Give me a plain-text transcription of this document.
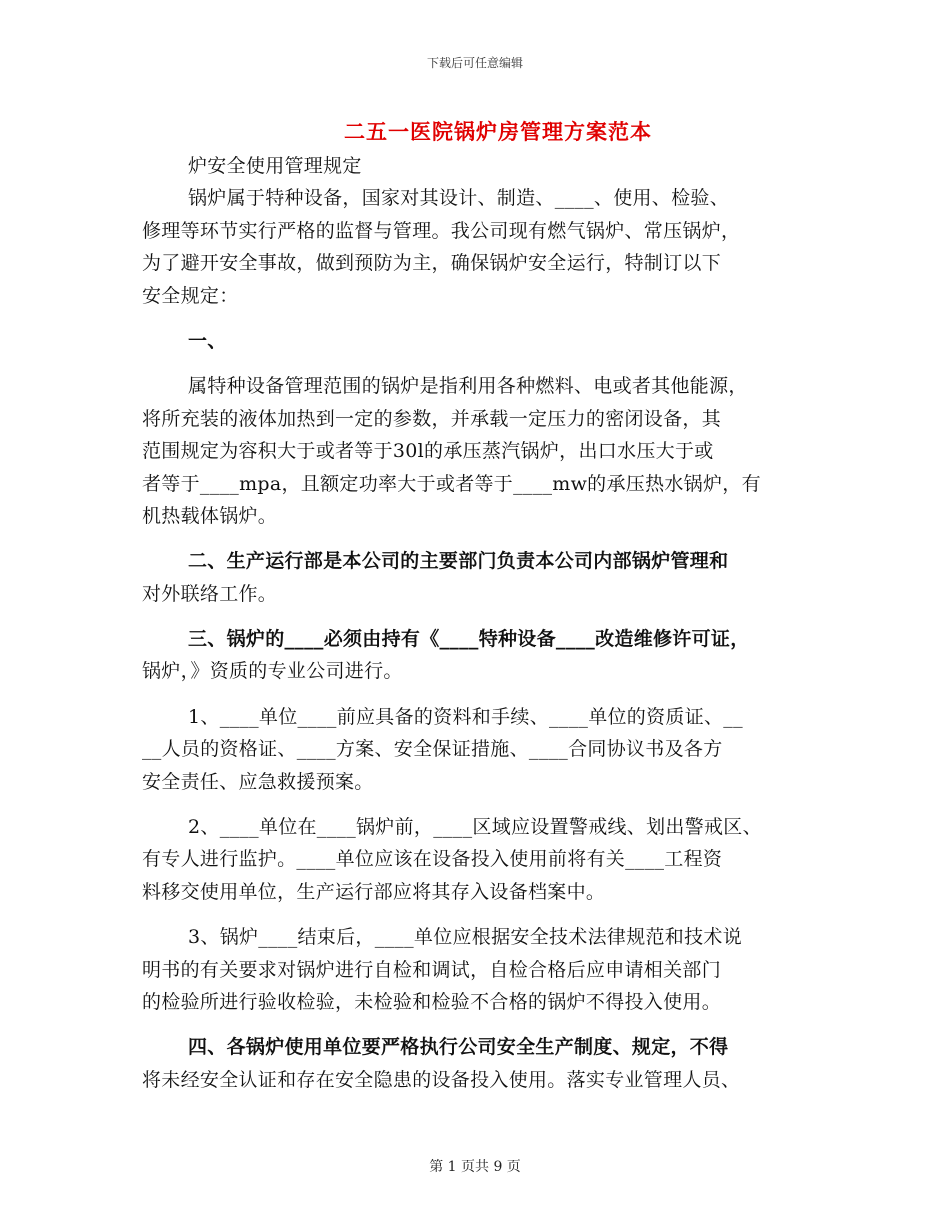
下载后可任意编辑
二五一医院锅炉房管理方案范本
炉安全使用管理规定
锅炉属于特种设备，国家对其设计、制造、____、使用、检验、
修理等环节实行严格的监督与管理。我公司现有燃气锅炉、常压锅炉，
为了避开安全事故，做到预防为主，确保锅炉安全运行，特制订以下
安全规定：
一、
属特种设备管理范围的锅炉是指利用各种燃料、电或者其他能源，
将所充装的液体加热到一定的参数，并承载一定压力的密闭设备，其
范围规定为容积大于或者等于30l的承压蒸汽锅炉，出口水压大于或
者等于____mpa，且额定功率大于或者等于____mw的承压热水锅炉，有
机热载体锅炉。
二、生产运行部是本公司的主要部门负责本公司内部锅炉管理和
对外联络工作。
三、锅炉的____必须由持有《____特种设备____改造维修许可证，
锅炉，》资质的专业公司进行。
1、____单位____前应具备的资料和手续、____单位的资质证、__
__人员的资格证、____方案、安全保证措施、____合同协议书及各方
安全责任、应急救援预案。
2、____单位在____锅炉前，____区域应设置警戒线、划出警戒区、
有专人进行监护。____单位应该在设备投入使用前将有关____工程资
料移交使用单位，生产运行部应将其存入设备档案中。
3、锅炉____结束后，____单位应根据安全技术法律规范和技术说
明书的有关要求对锅炉进行自检和调试，自检合格后应申请相关部门
的检验所进行验收检验，未检验和检验不合格的锅炉不得投入使用。
四、各锅炉使用单位要严格执行公司安全生产制度、规定，不得
将未经安全认证和存在安全隐患的设备投入使用。落实专业管理人员、
第 1 页共 9 页
